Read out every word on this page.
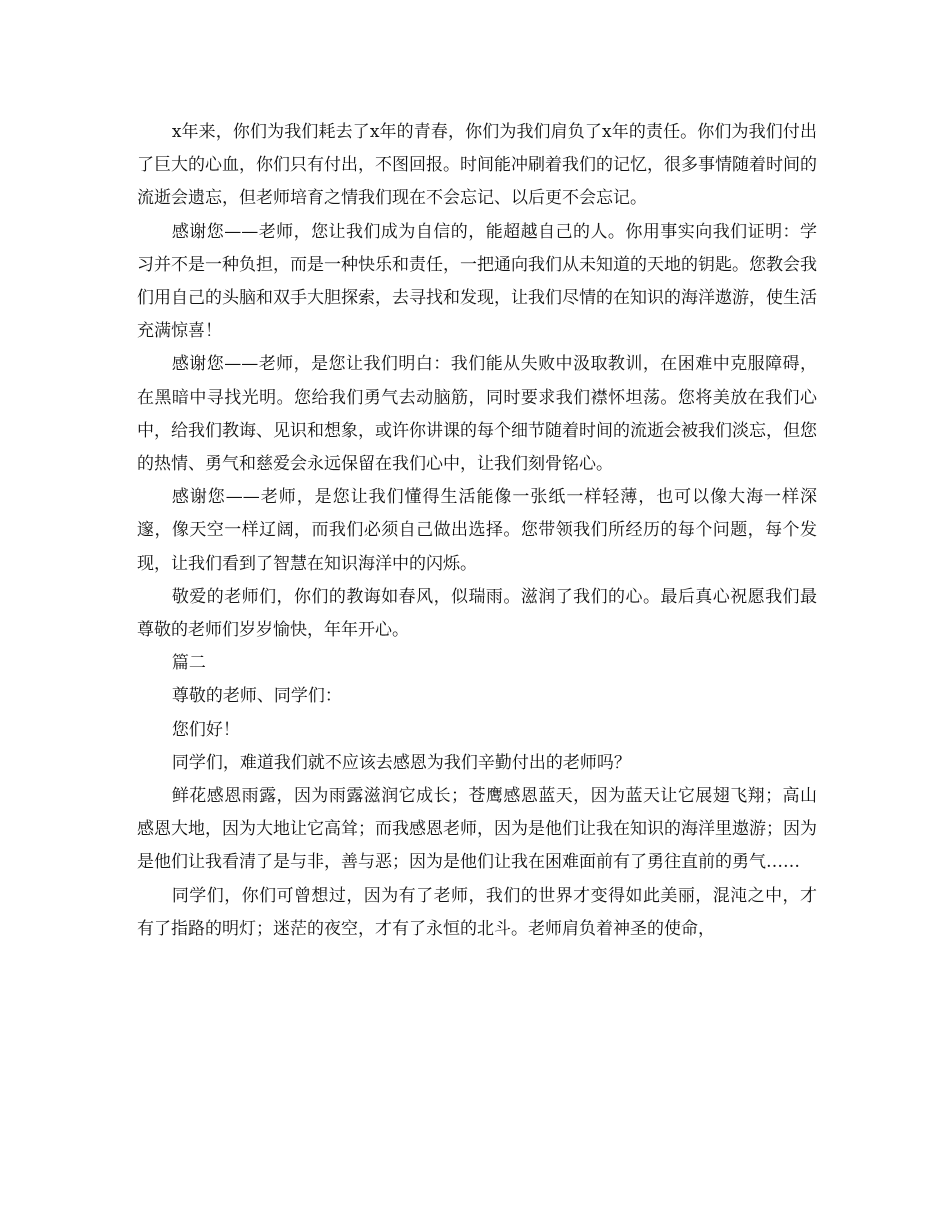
x年来，你们为我们耗去了x年的青春，你们为我们肩负了x年的责任。你们为我们付出了巨大的心血，你们只有付出，不图回报。时间能冲刷着我们的记忆，很多事情随着时间的流逝会遗忘，但老师培育之情我们现在不会忘记、以后更不会忘记。

感谢您——老师，您让我们成为自信的，能超越自己的人。你用事实向我们证明：学习并不是一种负担，而是一种快乐和责任，一把通向我们从未知道的天地的钥匙。您教会我们用自己的头脑和双手大胆探索，去寻找和发现，让我们尽情的在知识的海洋遨游，使生活充满惊喜！

感谢您——老师，是您让我们明白：我们能从失败中汲取教训，在困难中克服障碍，在黑暗中寻找光明。您给我们勇气去动脑筋，同时要求我们襟怀坦荡。您将美放在我们心中，给我们教诲、见识和想象，或许你讲课的每个细节随着时间的流逝会被我们淡忘，但您的热情、勇气和慈爱会永远保留在我们心中，让我们刻骨铭心。

感谢您——老师，是您让我们懂得生活能像一张纸一样轻薄，也可以像大海一样深邃，像天空一样辽阔，而我们必须自己做出选择。您带领我们所经历的每个问题，每个发现，让我们看到了智慧在知识海洋中的闪烁。

敬爱的老师们，你们的教诲如春风，似瑞雨。滋润了我们的心。最后真心祝愿我们最尊敬的老师们岁岁愉快，年年开心。

篇二

尊敬的老师、同学们：

您们好！

同学们，难道我们就不应该去感恩为我们辛勤付出的老师吗？

鲜花感恩雨露，因为雨露滋润它成长；苍鹰感恩蓝天，因为蓝天让它展翅飞翔；高山感恩大地，因为大地让它高耸；而我感恩老师，因为是他们让我在知识的海洋里遨游；因为是他们让我看清了是与非，善与恶；因为是他们让我在困难面前有了勇往直前的勇气……

同学们，你们可曾想过，因为有了老师，我们的世界才变得如此美丽，混沌之中，才有了指路的明灯；迷茫的夜空，才有了永恒的北斗。老师肩负着神圣的使命，
